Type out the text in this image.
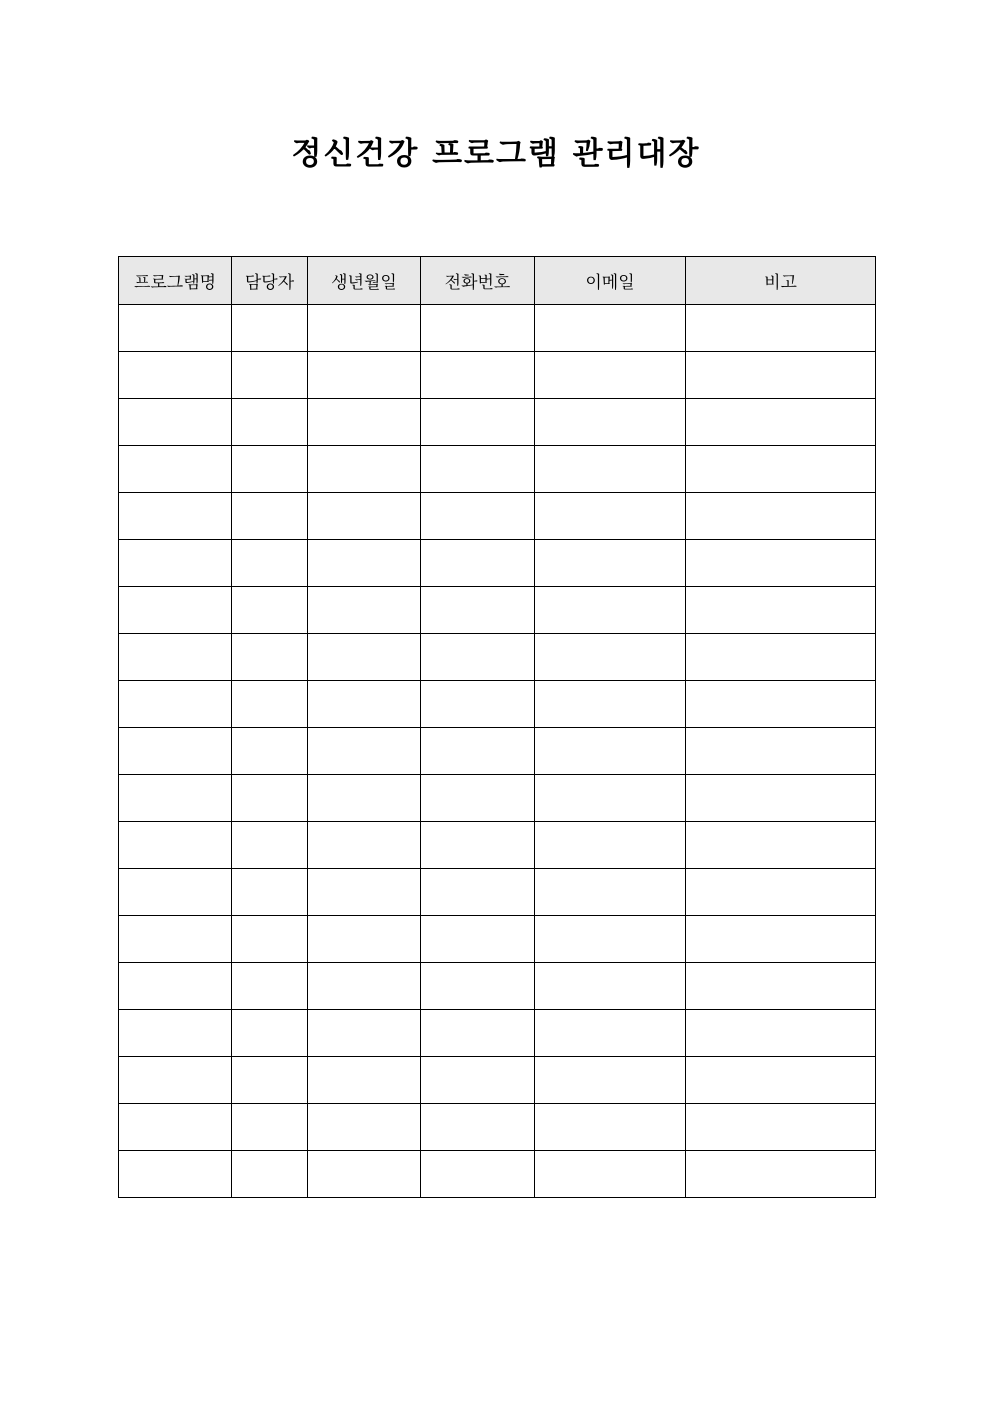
정신건강 프로그램 관리대장
프로그램명	담당자	생년월일	전화번호	이메일	비고
